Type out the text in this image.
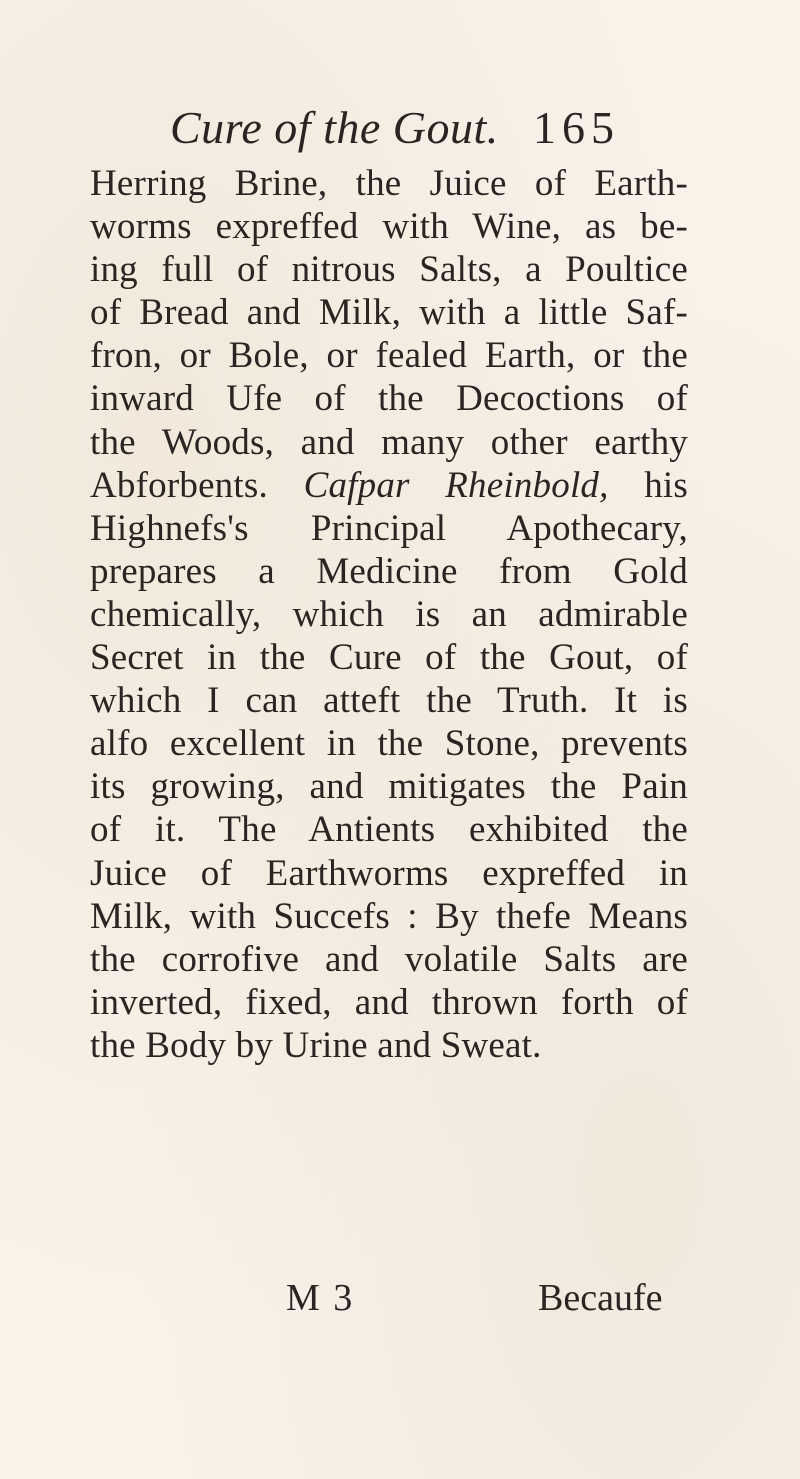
Cure of the Gout. 165
Herring Brine, the Juice of Earth-
worms expreffed with Wine, as be-
ing full of nitrous Salts, a Poultice
of Bread and Milk, with a little Saf-
fron, or Bole, or fealed Earth, or the
inward Ufe of the Decoctions of
the Woods, and many other earthy
Abforbents. Cafpar Rheinbold, his
Highnefs's Principal Apothecary,
prepares a Medicine from Gold
chemically, which is an admirable
Secret in the Cure of the Gout, of
which I can atteft the Truth. It is
alfo excellent in the Stone, prevents
its growing, and mitigates the Pain
of it. The Antients exhibited the
Juice of Earthworms expreffed in
Milk, with Succefs : By thefe Means
the corrofive and volatile Salts are
inverted, fixed, and thrown forth of
the Body by Urine and Sweat.
M 3	Becaufe
